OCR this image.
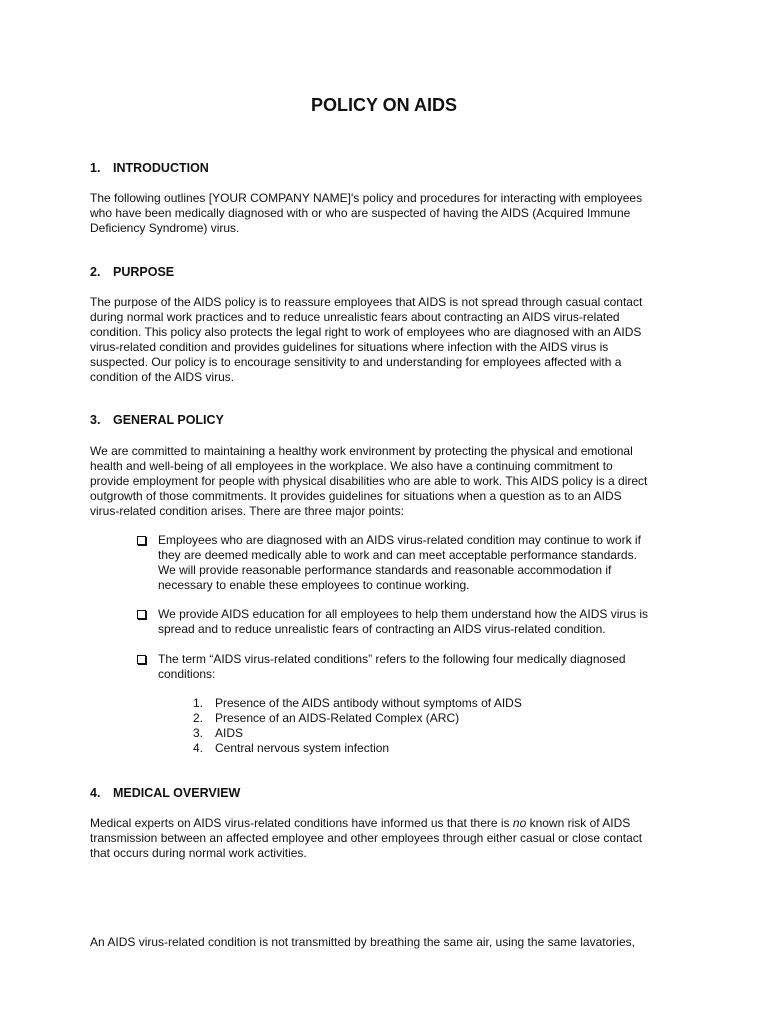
POLICY ON AIDS
1. INTRODUCTION
The following outlines [YOUR COMPANY NAME]'s policy and procedures for interacting with employees
who have been medically diagnosed with or who are suspected of having the AIDS (Acquired Immune
Deficiency Syndrome) virus.
2. PURPOSE
The purpose of the AIDS policy is to reassure employees that AIDS is not spread through casual contact
during normal work practices and to reduce unrealistic fears about contracting an AIDS virus-related
condition. This policy also protects the legal right to work of employees who are diagnosed with an AIDS
virus-related condition and provides guidelines for situations where infection with the AIDS virus is
suspected. Our policy is to encourage sensitivity to and understanding for employees affected with a
condition of the AIDS virus.
3. GENERAL POLICY
We are committed to maintaining a healthy work environment by protecting the physical and emotional
health and well-being of all employees in the workplace. We also have a continuing commitment to
provide employment for people with physical disabilities who are able to work. This AIDS policy is a direct
outgrowth of those commitments. It provides guidelines for situations when a question as to an AIDS
virus-related condition arises. There are three major points:
Employees who are diagnosed with an AIDS virus-related condition may continue to work if
they are deemed medically able to work and can meet acceptable performance standards.
We will provide reasonable performance standards and reasonable accommodation if
necessary to enable these employees to continue working.
We provide AIDS education for all employees to help them understand how the AIDS virus is
spread and to reduce unrealistic fears of contracting an AIDS virus-related condition.
The term “AIDS virus-related conditions” refers to the following four medically diagnosed
conditions:
1. Presence of the AIDS antibody without symptoms of AIDS
2. Presence of an AIDS-Related Complex (ARC)
3. AIDS
4. Central nervous system infection
4. MEDICAL OVERVIEW
Medical experts on AIDS virus-related conditions have informed us that there is no known risk of AIDS
transmission between an affected employee and other employees through either casual or close contact
that occurs during normal work activities.
An AIDS virus-related condition is not transmitted by breathing the same air, using the same lavatories,
